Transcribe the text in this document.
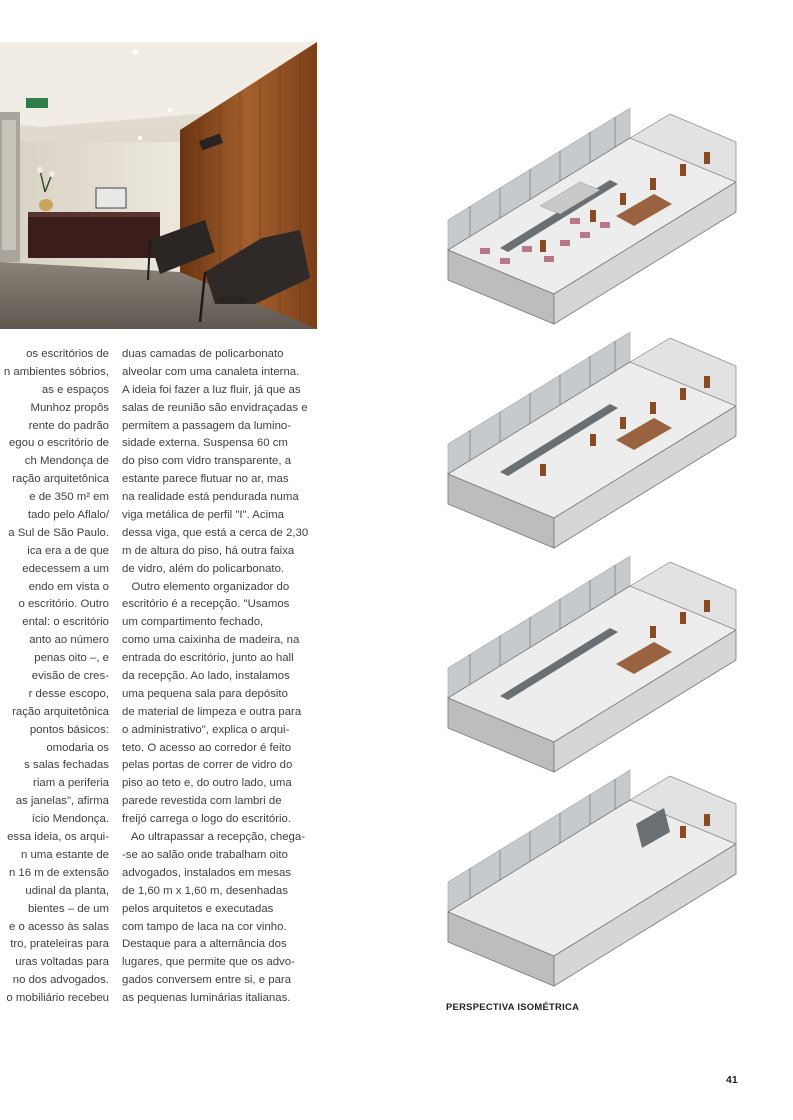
os escritórios de
n ambientes sóbrios,
as e espaços
Munhoz propôs
rente do padrão
egou o escritório de
ch Mendonça de
ração arquitetônica
e de 350 m² em
tado pelo Aflalo/
a Sul de São Paulo.
ica era a de que
edecessem a um
endo em vista o
o escritório. Outro
ental: o escritório
anto ao número
penas oito –, e
evisão de cres-
r desse escopo,
ração arquitetônica
pontos básicos:
omodaria os
s salas fechadas
riam a periferia
as janelas", afirma
ício Mendonça.
essa ideia, os arqui-
n uma estante de
n 16 m de extensão
udinal da planta,
bientes – de um
e o acesso às salas
tro, prateleiras para
uras voltadas para
no dos advogados.
o mobiliário recebeu
duas camadas de policarbonato
alveolar com uma canaleta interna.
A ideia foi fazer a luz fluir, já que as
salas de reunião são envidraçadas e
permitem a passagem da lumino-
sidade externa. Suspensa 60 cm
do piso com vidro transparente, a
estante parece flutuar no ar, mas
na realidade está pendurada numa
viga metálica de perfil "I". Acima
dessa viga, que está a cerca de 2,30
m de altura do piso, há outra faixa
de vidro, além do policarbonato.
Outro elemento organizador do
escritório é a recepção. "Usamos
um compartimento fechado,
como uma caixinha de madeira, na
entrada do escritório, junto ao hall
da recepção. Ao lado, instalamos
uma pequena sala para depósito
de material de limpeza e outra para
o administrativo", explica o arqui-
teto. O acesso ao corredor é feito
pelas portas de correr de vidro do
piso ao teto e, do outro lado, uma
parede revestida com lambri de
freijó carrega o logo do escritório.
Ao ultrapassar a recepção, chega-
-se ao salão onde trabalham oito
advogados, instalados em mesas
de 1,60 m x 1,60 m, desenhadas
pelos arquitetos e executadas
com tampo de laca na cor vinho.
Destaque para a alternância dos
lugares, que permite que os advo-
gados conversem entre si, e para
as pequenas luminárias italianas.
PERSPECTIVA ISOMÉTRICA
41
